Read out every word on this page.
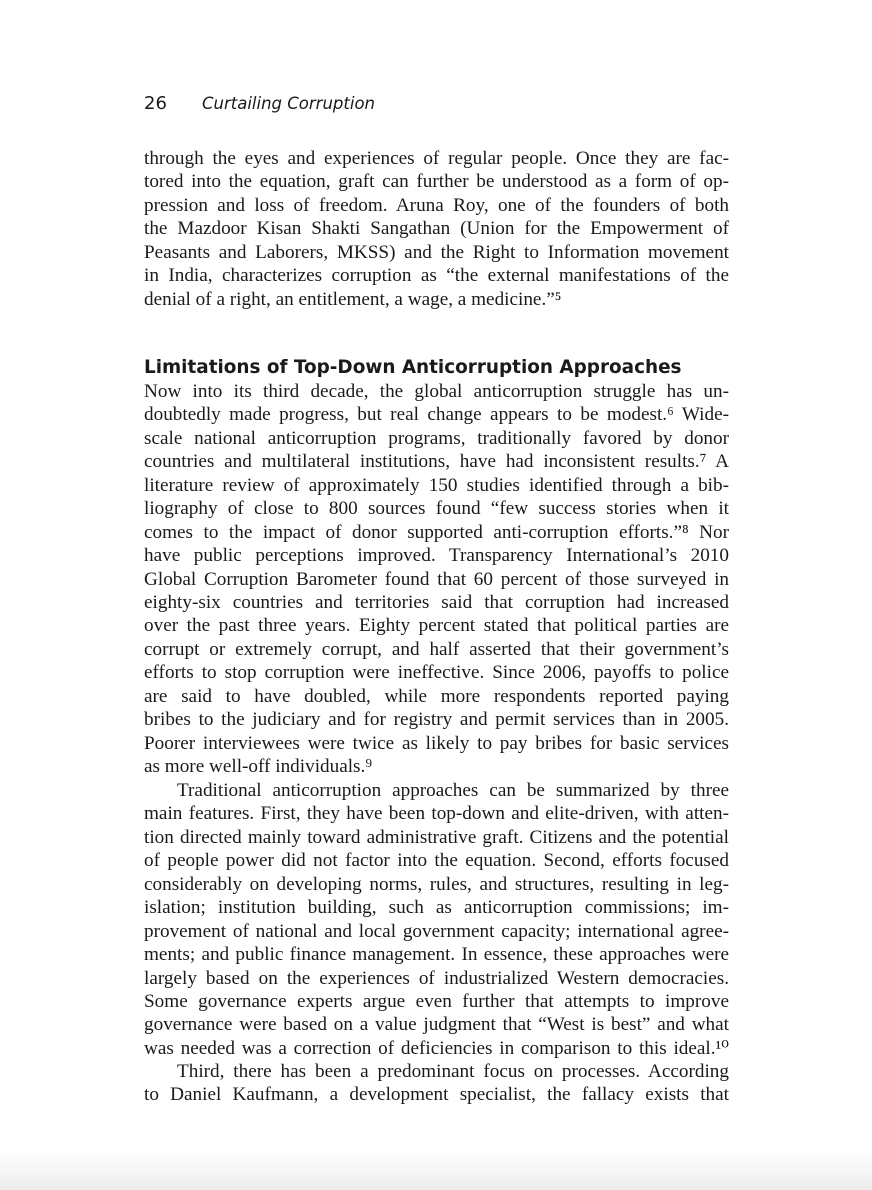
26 Curtailing Corruption
through the eyes and experiences of regular people. Once they are fac-
tored into the equation, graft can further be understood as a form of op-
pression and loss of freedom. Aruna Roy, one of the founders of both
the Mazdoor Kisan Shakti Sangathan (Union for the Empowerment of
Peasants and Laborers, MKSS) and the Right to Information movement
in India, characterizes corruption as “the external manifestations of the
denial of a right, an entitlement, a wage, a medicine.”⁵
Limitations of Top-Down Anticorruption Approaches
Now into its third decade, the global anticorruption struggle has un-
doubtedly made progress, but real change appears to be modest.⁶ Wide-
scale national anticorruption programs, traditionally favored by donor
countries and multilateral institutions, have had inconsistent results.⁷ A
literature review of approximately 150 studies identified through a bib-
liography of close to 800 sources found “few success stories when it
comes to the impact of donor supported anti-corruption efforts.”⁸ Nor
have public perceptions improved. Transparency International’s 2010
Global Corruption Barometer found that 60 percent of those surveyed in
eighty-six countries and territories said that corruption had increased
over the past three years. Eighty percent stated that political parties are
corrupt or extremely corrupt, and half asserted that their government’s
efforts to stop corruption were ineffective. Since 2006, payoffs to police
are said to have doubled, while more respondents reported paying
bribes to the judiciary and for registry and permit services than in 2005.
Poorer interviewees were twice as likely to pay bribes for basic services
as more well-off individuals.⁹
Traditional anticorruption approaches can be summarized by three
main features. First, they have been top-down and elite-driven, with atten-
tion directed mainly toward administrative graft. Citizens and the potential
of people power did not factor into the equation. Second, efforts focused
considerably on developing norms, rules, and structures, resulting in leg-
islation; institution building, such as anticorruption commissions; im-
provement of national and local government capacity; international agree-
ments; and public finance management. In essence, these approaches were
largely based on the experiences of industrialized Western democracies.
Some governance experts argue even further that attempts to improve
governance were based on a value judgment that “West is best” and what
was needed was a correction of deficiencies in comparison to this ideal.¹⁰
Third, there has been a predominant focus on processes. According
to Daniel Kaufmann, a development specialist, the fallacy exists that
